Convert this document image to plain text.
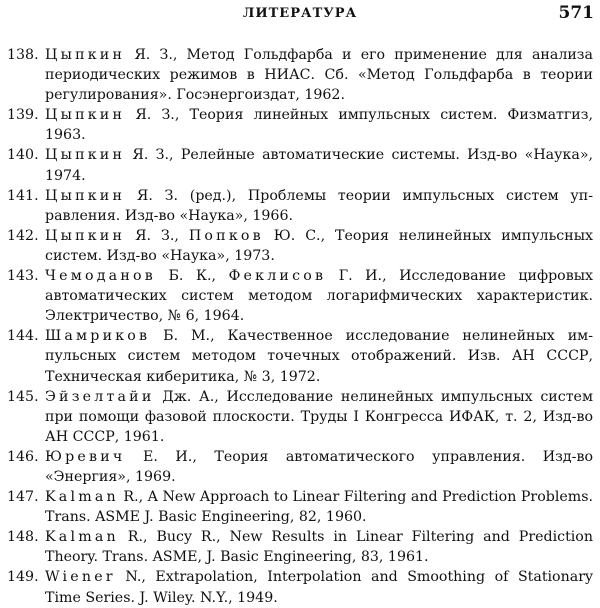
ЛИТЕРАТУРА	571
138. Цыпкин Я. З., Метод Гольдфарба и его применение для анализа периодических режимов в НИАС. Сб. «Метод Гольдфарба в теории регулирования». Госэнергоиздат, 1962.
139. Цыпкин Я. З., Теория линейных импульсных систем. Физматгиз, 1963.
140. Цыпкин Я. З., Релейные автоматические системы. Изд-во «Наука», 1974.
141. Цыпкин Я. З. (ред.), Проблемы теории импульсных систем управления. Изд-во «Наука», 1966.
142. Цыпкин Я. З., Попков Ю. С., Теория нелинейных импульсных систем. Изд-во «Наука», 1973.
143. Чемоданов Б. К., Феклисов Г. И., Исследование цифровых автоматических систем методом логарифмических характеристик. Электричество, № 6, 1964.
144. Шамриков Б. М., Качественное исследование нелинейных импульсных систем методом точечных отображений. Изв. АН СССР, Техническая киберитика, № 3, 1972.
145. Эйзелтайи Дж. А., Исследование нелинейных импульсных систем при помощи фазовой плоскости. Труды I Конгресса ИФАК, т. 2, Изд-во АН СССР, 1961.
146. Юревич Е. И., Теория автоматического управления. Изд-во «Энергия», 1969.
147. Kalman R., A New Approach to Linear Filtering and Prediction Problems. Trans. ASME J. Basic Engineering, 82, 1960.
148. Kalman R., Bucy R., New Results in Linear Filtering and Prediction Theory. Trans. ASME, J. Basic Engineering, 83, 1961.
149. Wiener N., Extrapolation, Interpolation and Smoothing of Stationary Time Series. J. Wiley. N.Y., 1949.
